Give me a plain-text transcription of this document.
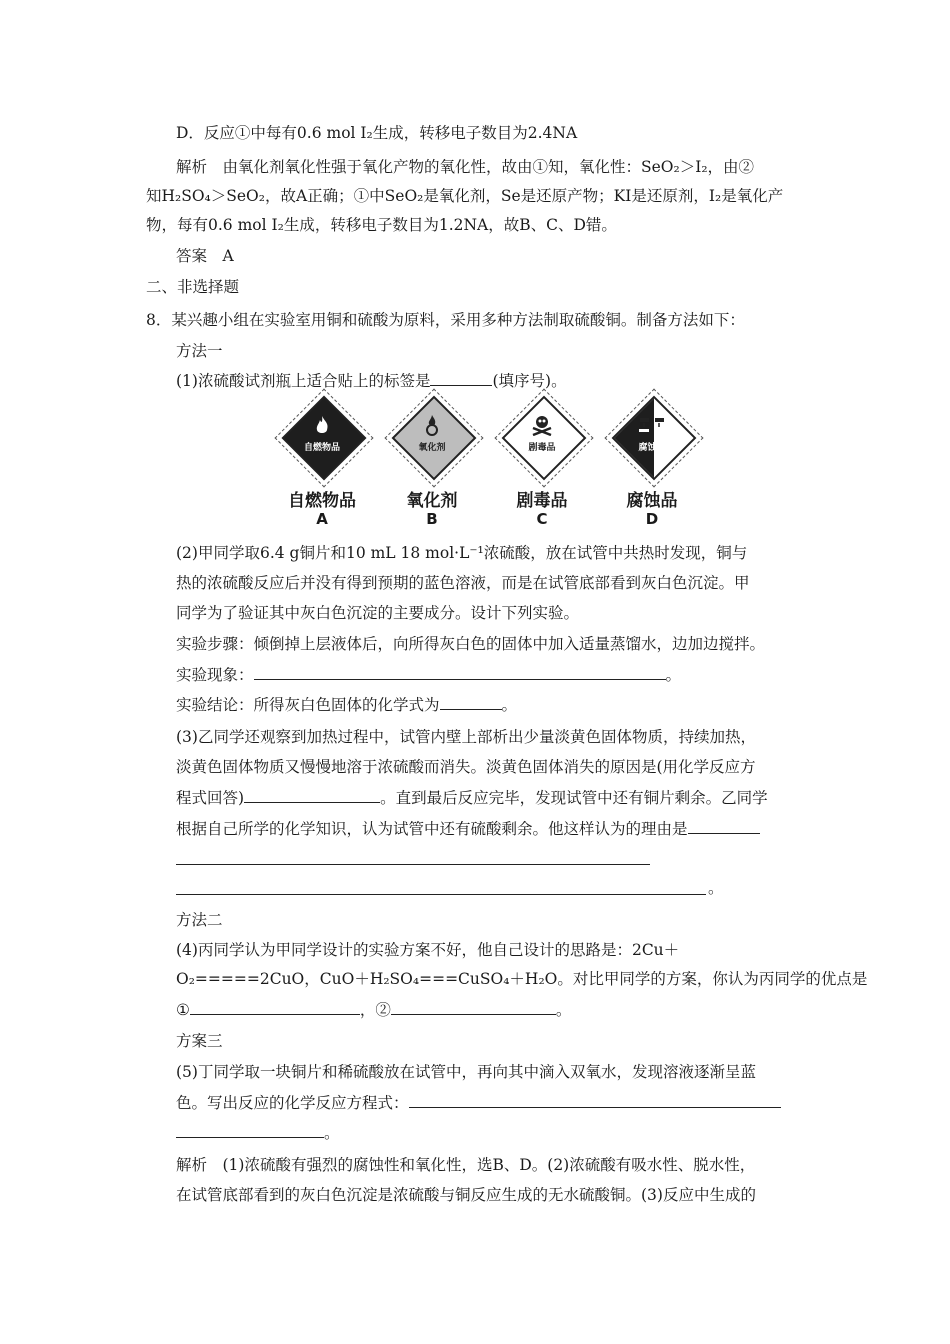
D．反应①中每有0.6 mol I₂生成，转移电子数目为2.4NA
解析　由氧化剂氧化性强于氧化产物的氧化性，故由①知，氧化性：SeO₂＞I₂，由②
知H₂SO₄＞SeO₂，故A正确；①中SeO₂是氧化剂，Se是还原产物；KI是还原剂，I₂是氧化产
物，每有0.6 mol I₂生成，转移电子数目为1.2NA，故B、C、D错。
答案　A
二、非选择题
8．某兴趣小组在实验室用铜和硫酸为原料，采用多种方法制取硫酸铜。制备方法如下：
方法一
(1)浓硫酸试剂瓶上适合贴上的标签是	(填序号)。
自燃物品
自燃物品
A
氧化剂
氧化剂
B
剧毒品
剧毒品
C
腐蚀品
腐蚀品
D
(2)甲同学取6.4 g铜片和10 mL 18 mol·L⁻¹浓硫酸，放在试管中共热时发现，铜与
热的浓硫酸反应后并没有得到预期的蓝色溶液，而是在试管底部看到灰白色沉淀。甲
同学为了验证其中灰白色沉淀的主要成分。设计下列实验。
实验步骤：倾倒掉上层液体后，向所得灰白色的固体中加入适量蒸馏水，边加边搅拌。
实验现象：	。
实验结论：所得灰白色固体的化学式为	。
(3)乙同学还观察到加热过程中，试管内壁上部析出少量淡黄色固体物质，持续加热，
淡黄色固体物质又慢慢地溶于浓硫酸而消失。淡黄色固体消失的原因是(用化学反应方
程式回答)	。直到最后反应完毕，发现试管中还有铜片剩余。乙同学
根据自己所学的化学知识，认为试管中还有硫酸剩余。他这样认为的理由是
。
方法二
(4)丙同学认为甲同学设计的实验方案不好，他自己设计的思路是：2Cu＋
O₂=====2CuO，CuO＋H₂SO₄===CuSO₄＋H₂O。对比甲同学的方案，你认为丙同学的优点是
①	，②	。
方案三
(5)丁同学取一块铜片和稀硫酸放在试管中，再向其中滴入双氧水，发现溶液逐渐呈蓝
色。写出反应的化学反应方程式：
。
解析　(1)浓硫酸有强烈的腐蚀性和氧化性，选B、D。(2)浓硫酸有吸水性、脱水性，
在试管底部看到的灰白色沉淀是浓硫酸与铜反应生成的无水硫酸铜。(3)反应中生成的
